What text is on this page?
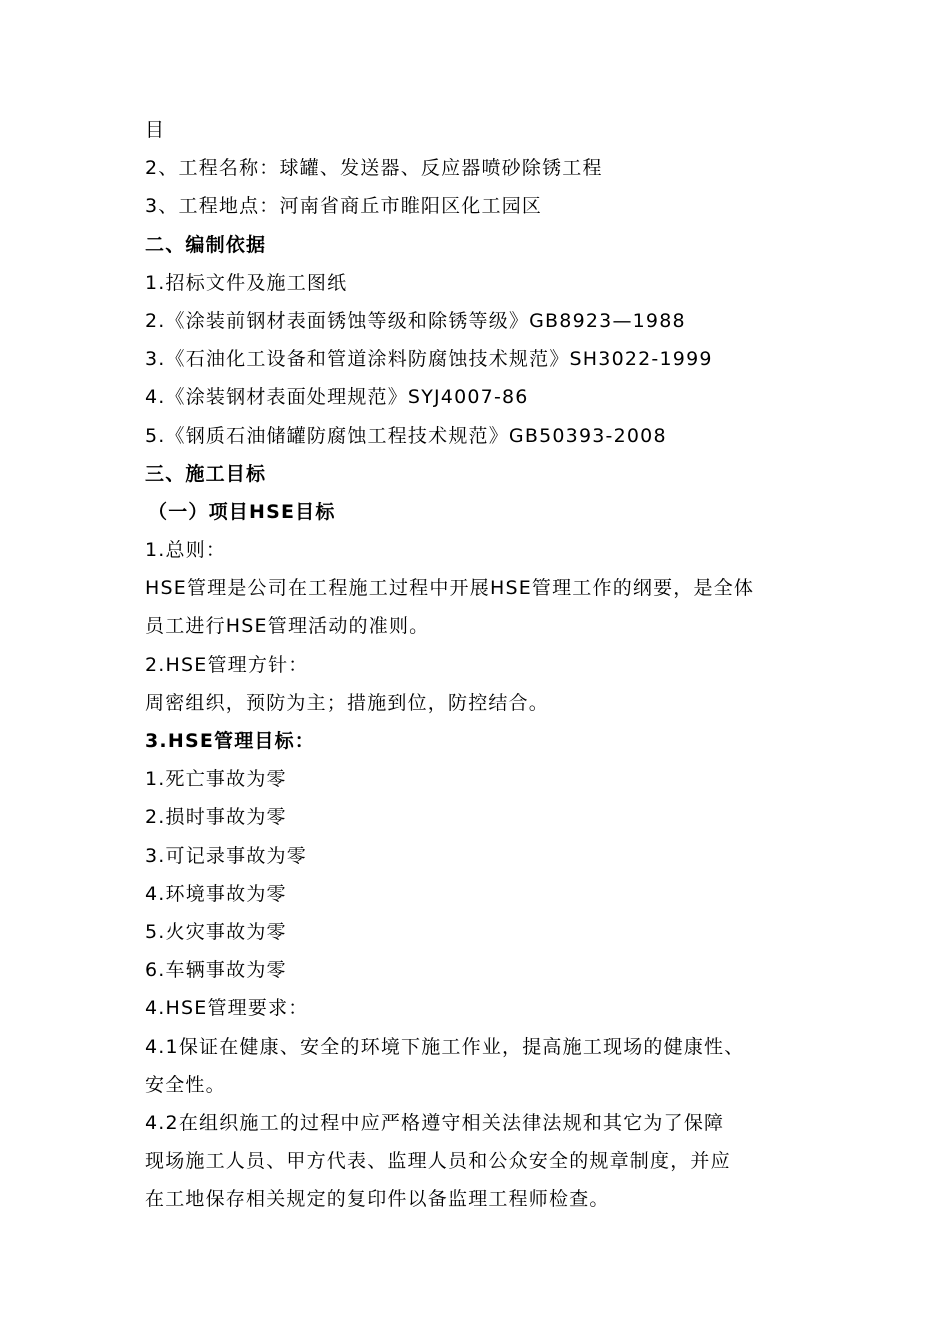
目
2、工程名称：球罐、发送器、反应器喷砂除锈工程
3、工程地点：河南省商丘市睢阳区化工园区
二、编制依据
1.招标文件及施工图纸
2.《涂装前钢材表面锈蚀等级和除锈等级》GB8923—1988
3.《石油化工设备和管道涂料防腐蚀技术规范》SH3022-1999
4.《涂装钢材表面处理规范》SYJ4007-86
5.《钢质石油储罐防腐蚀工程技术规范》GB50393-2008
三、施工目标
（一）项目HSE目标
1.总则：
HSE管理是公司在工程施工过程中开展HSE管理工作的纲要，是全体
员工进行HSE管理活动的准则。
2.HSE管理方针：
周密组织，预防为主；措施到位，防控结合。
3.HSE管理目标：
1.死亡事故为零
2.损时事故为零
3.可记录事故为零
4.环境事故为零
5.火灾事故为零
6.车辆事故为零
4.HSE管理要求：
4.1保证在健康、安全的环境下施工作业，提高施工现场的健康性、
安全性。
4.2在组织施工的过程中应严格遵守相关法律法规和其它为了保障
现场施工人员、甲方代表、监理人员和公众安全的规章制度，并应
在工地保存相关规定的复印件以备监理工程师检查。
